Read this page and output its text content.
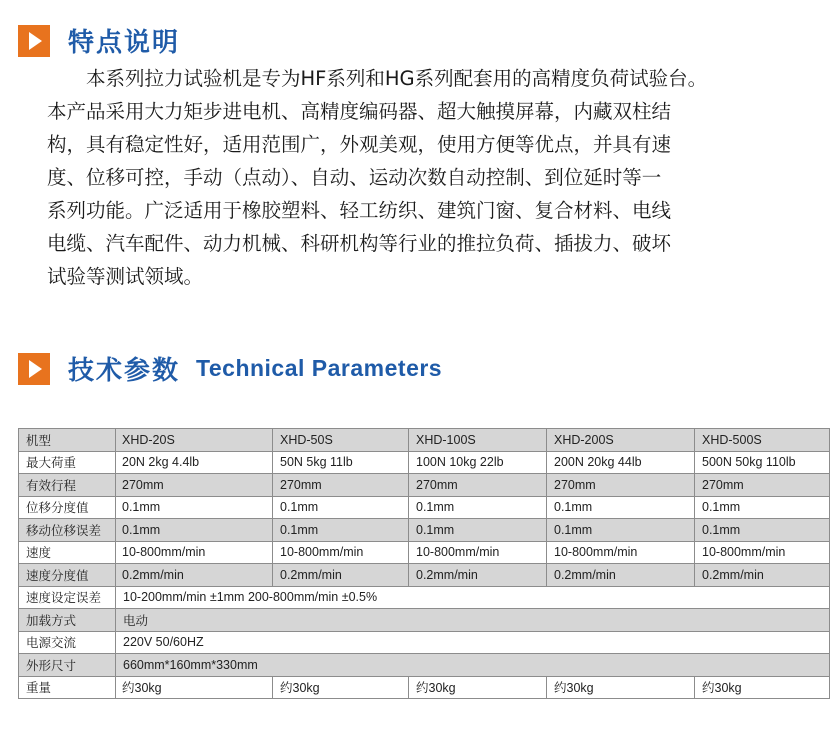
特点说明
本系列拉力试验机是专为HF系列和HG系列配套用的高精度负荷试验台。
本产品采用大力矩步进电机、高精度编码器、超大触摸屏幕，内藏双柱结
构，具有稳定性好，适用范围广，外观美观，使用方便等优点，并具有速
度、位移可控，手动（点动）、自动、运动次数自动控制、到位延时等一
系列功能。广泛适用于橡胶塑料、轻工纺织、建筑门窗、复合材料、电线
电缆、汽车配件、动力机械、科研机构等行业的推拉负荷、插拔力、破坏
试验等测试领域。
技术参数 Technical Parameters
机型	XHD-20S	XHD-50S	XHD-100S	XHD-200S	XHD-500S
最大荷重	20N 2kg 4.4lb	50N 5kg 11lb	100N 10kg 22lb	200N 20kg 44lb	500N 50kg 110lb
有效行程	270mm	270mm	270mm	270mm	270mm
位移分度值	0.1mm	0.1mm	0.1mm	0.1mm	0.1mm
移动位移误差	0.1mm	0.1mm	0.1mm	0.1mm	0.1mm
速度	10-800mm/min	10-800mm/min	10-800mm/min	10-800mm/min	10-800mm/min
速度分度值	0.2mm/min	0.2mm/min	0.2mm/min	0.2mm/min	0.2mm/min
速度设定误差	10-200mm/min ±1mm 200-800mm/min ±0.5%				
加载方式	电动				
电源交流	220V 50/60HZ				
外形尺寸	660mm*160mm*330mm				
重量	约30kg	约30kg	约30kg	约30kg	约30kg
